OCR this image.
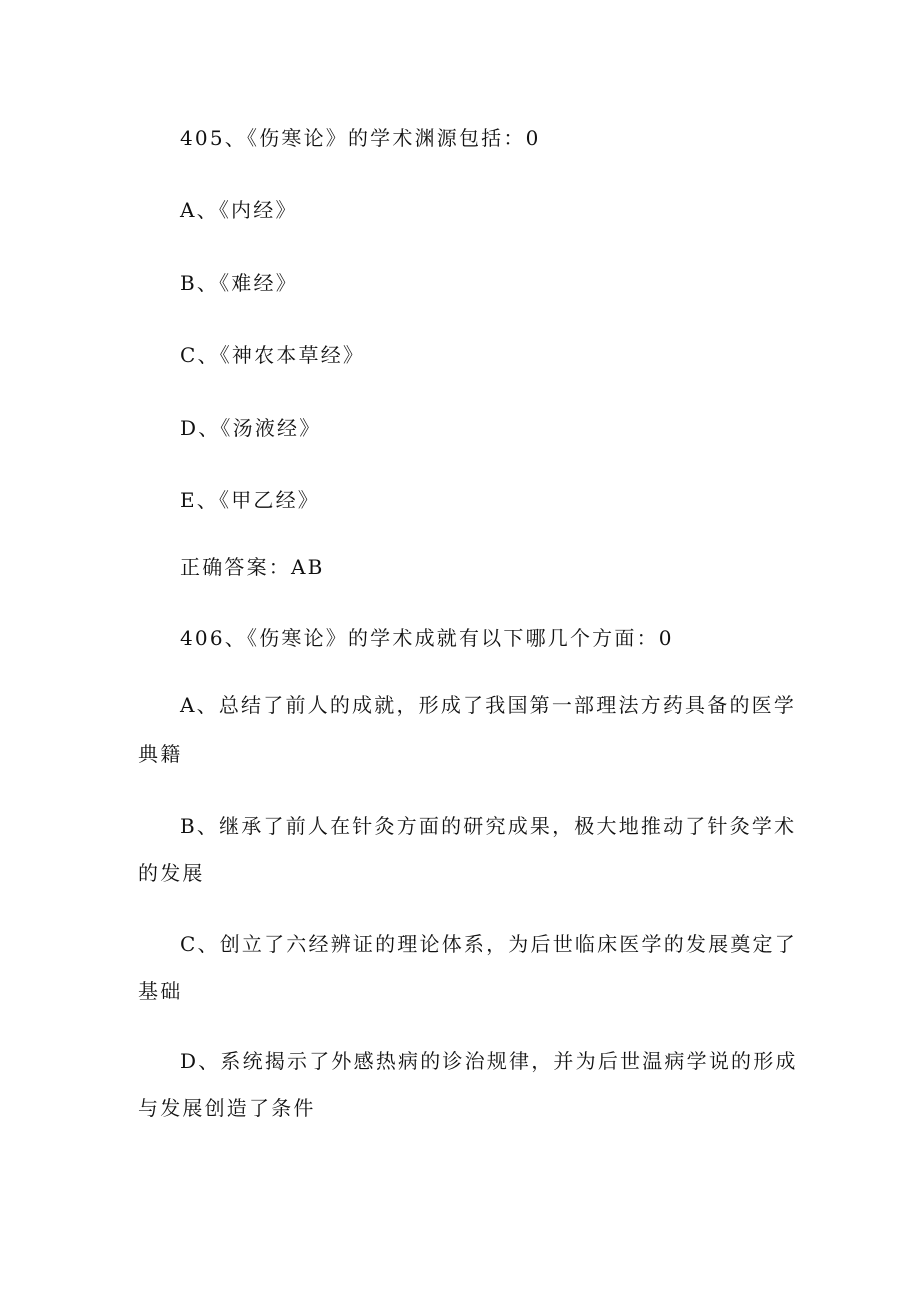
405、《伤寒论》的学术渊源包括：0

A、《内经》

B、《难经》

C、《神农本草经》

D、《汤液经》

E、《甲乙经》

正确答案：AB

406、《伤寒论》的学术成就有以下哪几个方面：0

A、总结了前人的成就，形成了我国第一部理法方药具备的医学

典籍

B、继承了前人在针灸方面的研究成果，极大地推动了针灸学术

的发展

C、创立了六经辨证的理论体系，为后世临床医学的发展奠定了

基础

D、系统揭示了外感热病的诊治规律，并为后世温病学说的形成

与发展创造了条件
